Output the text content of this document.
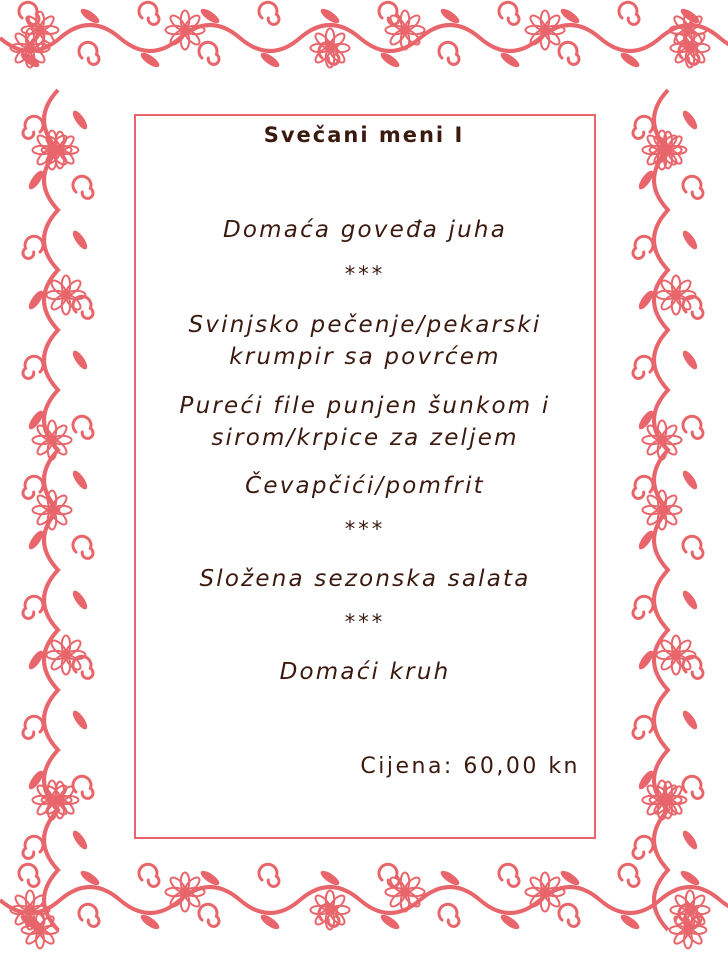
Svečani meni I
Domaća goveđa juha
***
Svinjsko pečenje/pekarski
krumpir sa povrćem
Pureći file punjen šunkom i
sirom/krpice za zeljem
Čevapčići/pomfrit
***
Složena sezonska salata
***
Domaći kruh
Cijena: 60,00 kn
